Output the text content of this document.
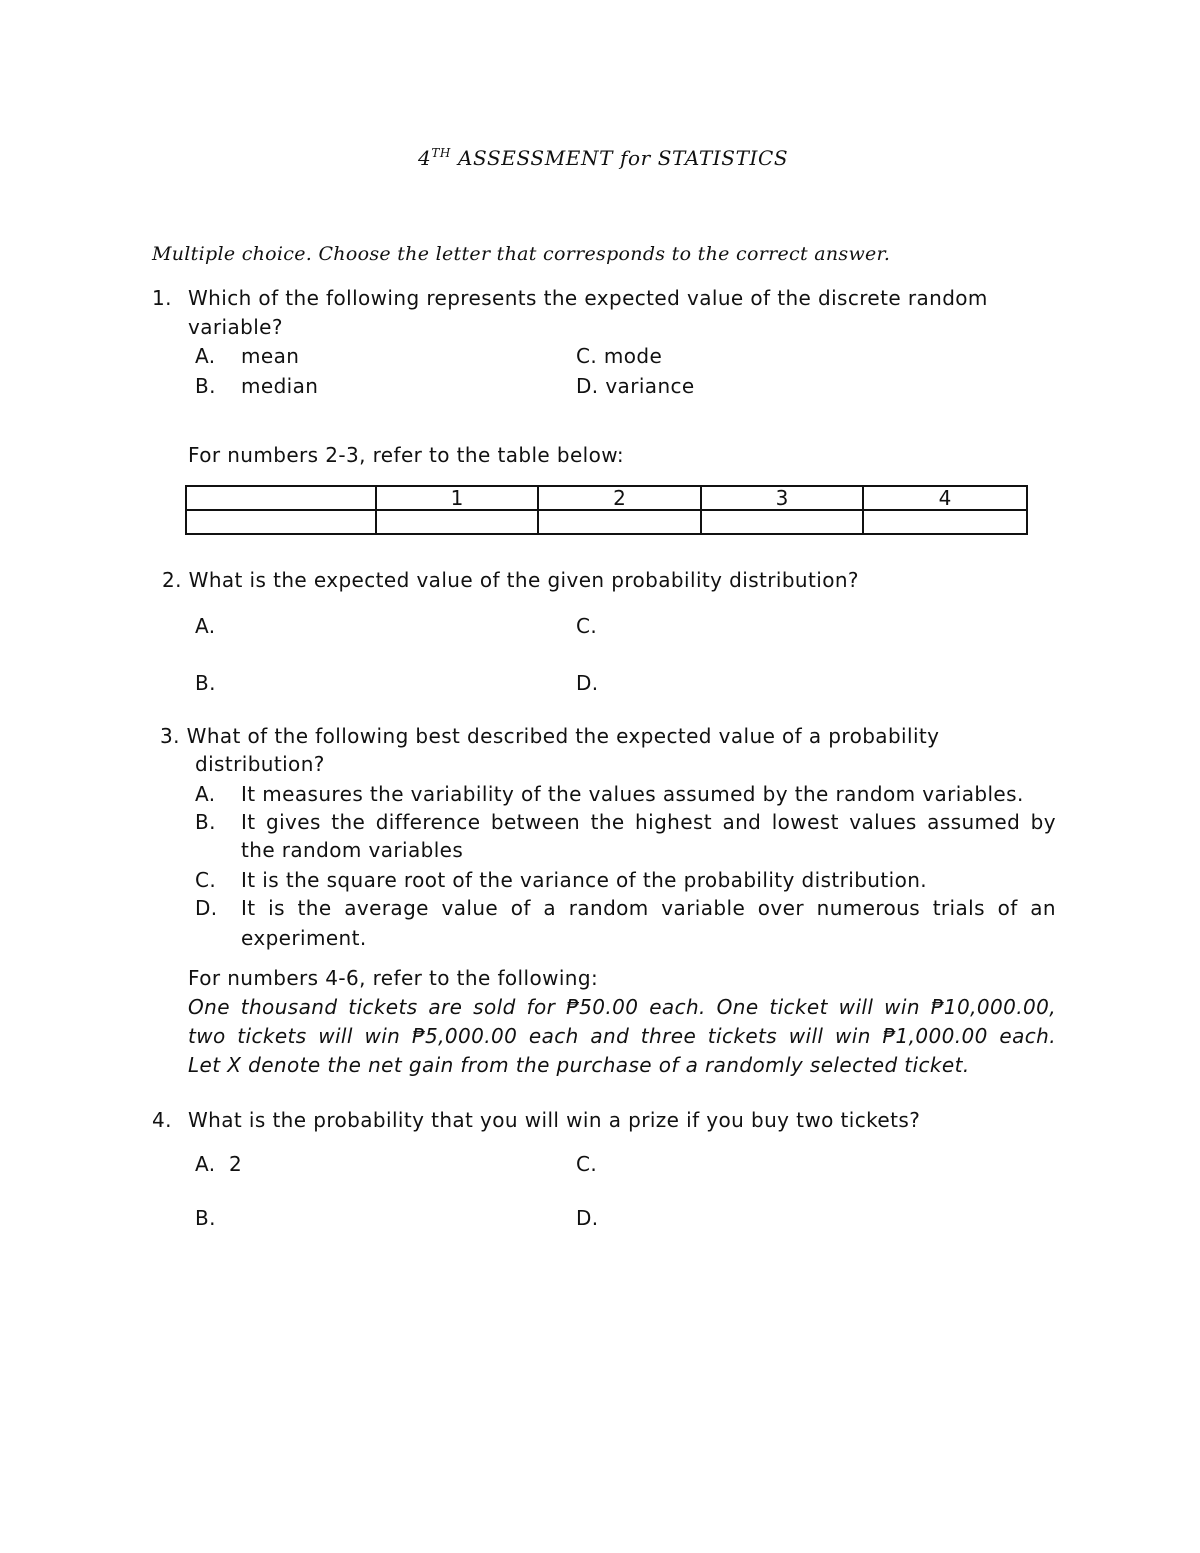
4TH ASSESSMENT for STATISTICS
Multiple choice. Choose the letter that corresponds to the correct answer.
1. Which of the following represents the expected value of the discrete random
variable?
A. mean
B. median
C. mode
D. variance
For numbers 2-3, refer to the table below:
	1	2	3	4

2. What is the expected value of the given probability distribution?
A.	C.
B.	D.
3. What of the following best described the expected value of a probability
distribution?
A. It measures the variability of the values assumed by the random variables.
B. It gives the difference between the highest and lowest values assumed by
the random variables
C. It is the square root of the variance of the probability distribution.
D. It is the average value of a random variable over numerous trials of an
experiment.
For numbers 4-6, refer to the following:
One thousand tickets are sold for ₱50.00 each. One ticket will win ₱10,000.00,
two tickets will win ₱5,000.00 each and three tickets will win ₱1,000.00 each.
Let X denote the net gain from the purchase of a randomly selected ticket.
4. What is the probability that you will win a prize if you buy two tickets?
A.  2	C.
B.	D.
